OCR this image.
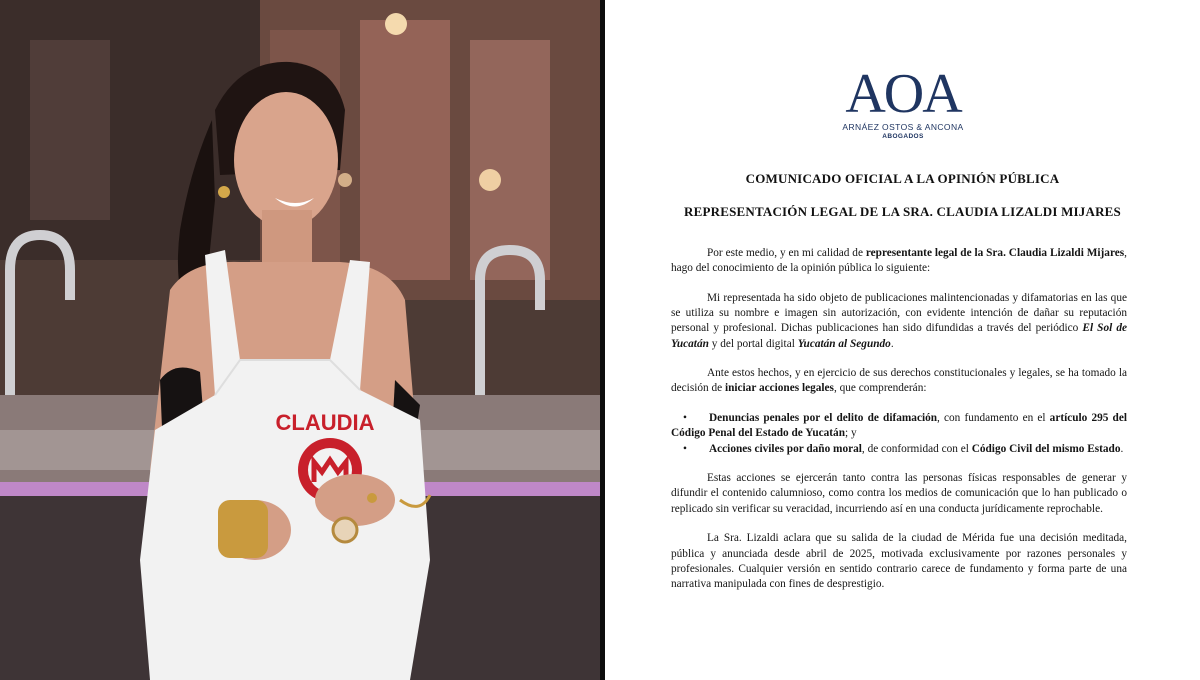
CLAUDIA
AOA
ARNÁEZ OSTOS & ANCONA
ABOGADOS
COMUNICADO OFICIAL A LA OPINIÓN PÚBLICA
REPRESENTACIÓN LEGAL DE LA SRA. CLAUDIA LIZALDI MIJARES

Por este medio, y en mi calidad de representante legal de la Sra. Claudia Lizaldi Mijares, hago del conocimiento de la opinión pública lo siguiente:

Mi representada ha sido objeto de publicaciones malintencionadas y difamatorias en las que se utiliza su nombre e imagen sin autorización, con evidente intención de dañar su reputación personal y profesional. Dichas publicaciones han sido difundidas a través del periódico El Sol de Yucatán y del portal digital Yucatán al Segundo.

Ante estos hechos, y en ejercicio de sus derechos constitucionales y legales, se ha tomado la decisión de iniciar acciones legales, que comprenderán:

• Denuncias penales por el delito de difamación, con fundamento en el artículo 295 del Código Penal del Estado de Yucatán; y

• Acciones civiles por daño moral, de conformidad con el Código Civil del mismo Estado.

Estas acciones se ejercerán tanto contra las personas físicas responsables de generar y difundir el contenido calumnioso, como contra los medios de comunicación que lo han publicado o replicado sin verificar su veracidad, incurriendo así en una conducta jurídicamente reprochable.

La Sra. Lizaldi aclara que su salida de la ciudad de Mérida fue una decisión meditada, pública y anunciada desde abril de 2025, motivada exclusivamente por razones personales y profesionales. Cualquier versión en sentido contrario carece de fundamento y forma parte de una narrativa manipulada con fines de desprestigio.
